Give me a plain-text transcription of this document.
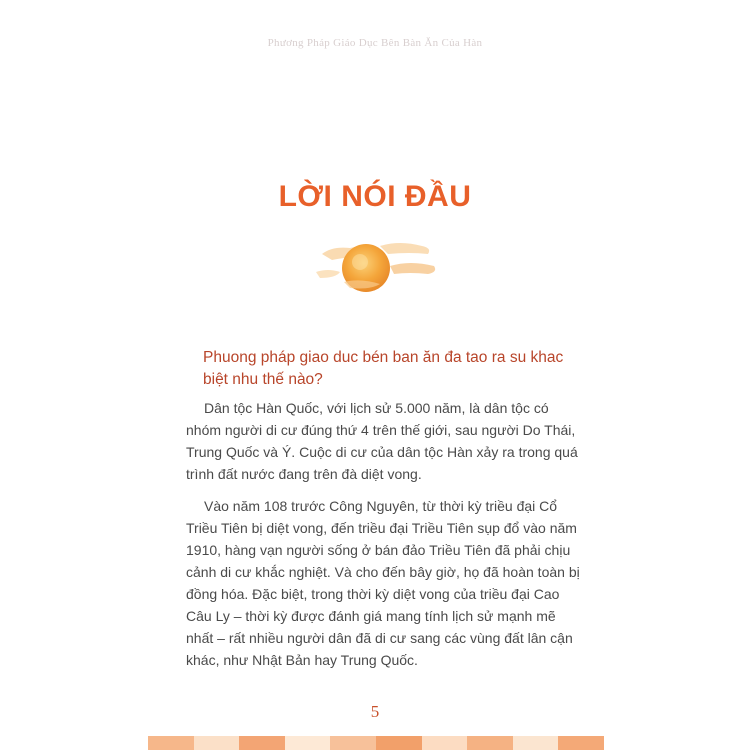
Phương Pháp Giáo Dục Bên Bàn Ăn Của Hàn
LỜI NÓI ĐẦU
Phuong pháp giao duc bén ban ăn đa tao ra su khac biệt nhu thế nào?

Dân tộc Hàn Quốc, với lịch sử 5.000 năm, là dân tộc có nhóm người di cư đúng thứ 4 trên thế giới, sau người Do Thái, Trung Quốc và Ý. Cuộc di cư của dân tộc Hàn xảy ra trong quá trình đất nước đang trên đà diệt vong.

Vào năm 108 trước Công Nguyên, từ thời kỳ triều đại Cổ Triều Tiên bị diệt vong, đến triều đại Triều Tiên sụp đổ vào năm 1910, hàng vạn người sống ở bán đảo Triều Tiên đã phải chịu cảnh di cư khắc nghiệt. Và cho đến bây giờ, họ đã hoàn toàn bị đồng hóa. Đặc biệt, trong thời kỳ diệt vong của triều đại Cao Câu Ly – thời kỳ được đánh giá mang tính lịch sử mạnh mẽ nhất – rất nhiều người dân đã di cư sang các vùng đất lân cận khác, như Nhật Bản hay Trung Quốc.

5
